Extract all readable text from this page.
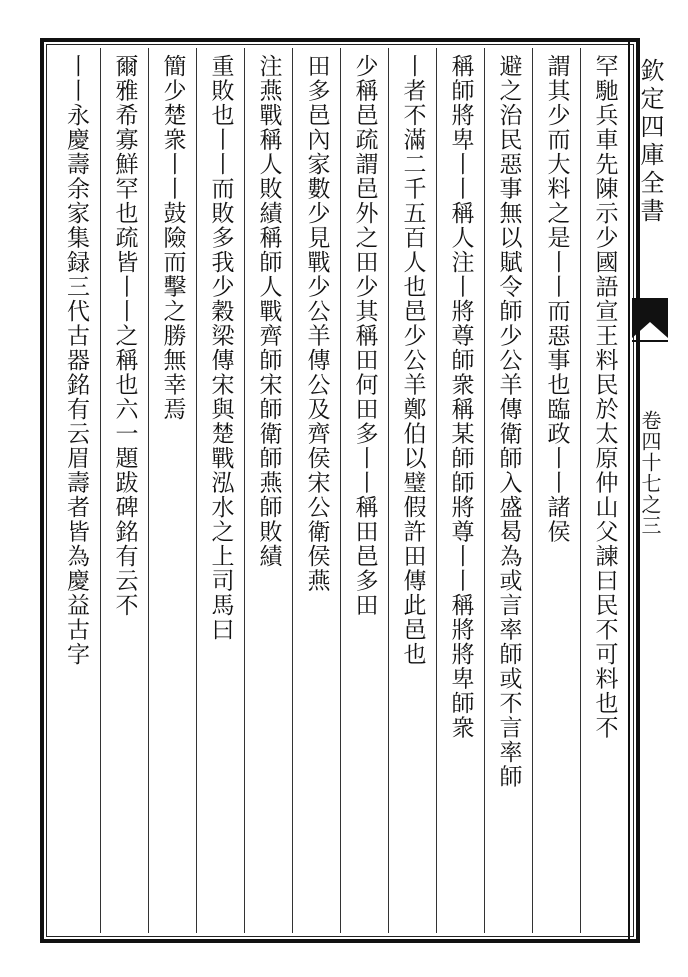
欽定四庫全書
卷四十七之三
罕馳兵車先陳示少國語宣王料民於太原仲山父諫曰民不可料也不
謂其少而大料之是丨丨而惡事也臨政丨丨諸侯
避之治民惡事無以賦令師少公羊傳衛師入盛曷為或言率師或不言率師
稱師將卑丨丨稱人注丨將尊師衆稱某師師將尊丨丨稱將將卑師衆
丨者不滿二千五百人也邑少公羊鄭伯以璧假許田傳此邑也
少稱邑疏謂邑外之田少其稱田何田多丨丨稱田邑多田
田多邑內家數少見戰少公羊傳公及齊侯宋公衛侯燕
注燕戰稱人敗績稱師人戰齊師宋師衛師燕師敗績
重敗也丨丨而敗多我少穀梁傳宋與楚戰泓水之上司馬曰
簡少楚衆丨丨鼓險而擊之勝無幸焉
爾雅希寡鮮罕也疏皆丨丨之稱也六一題跋碑銘有云不
丨丨永慶壽余家集録三代古器銘有云眉壽者皆為慶益古字
